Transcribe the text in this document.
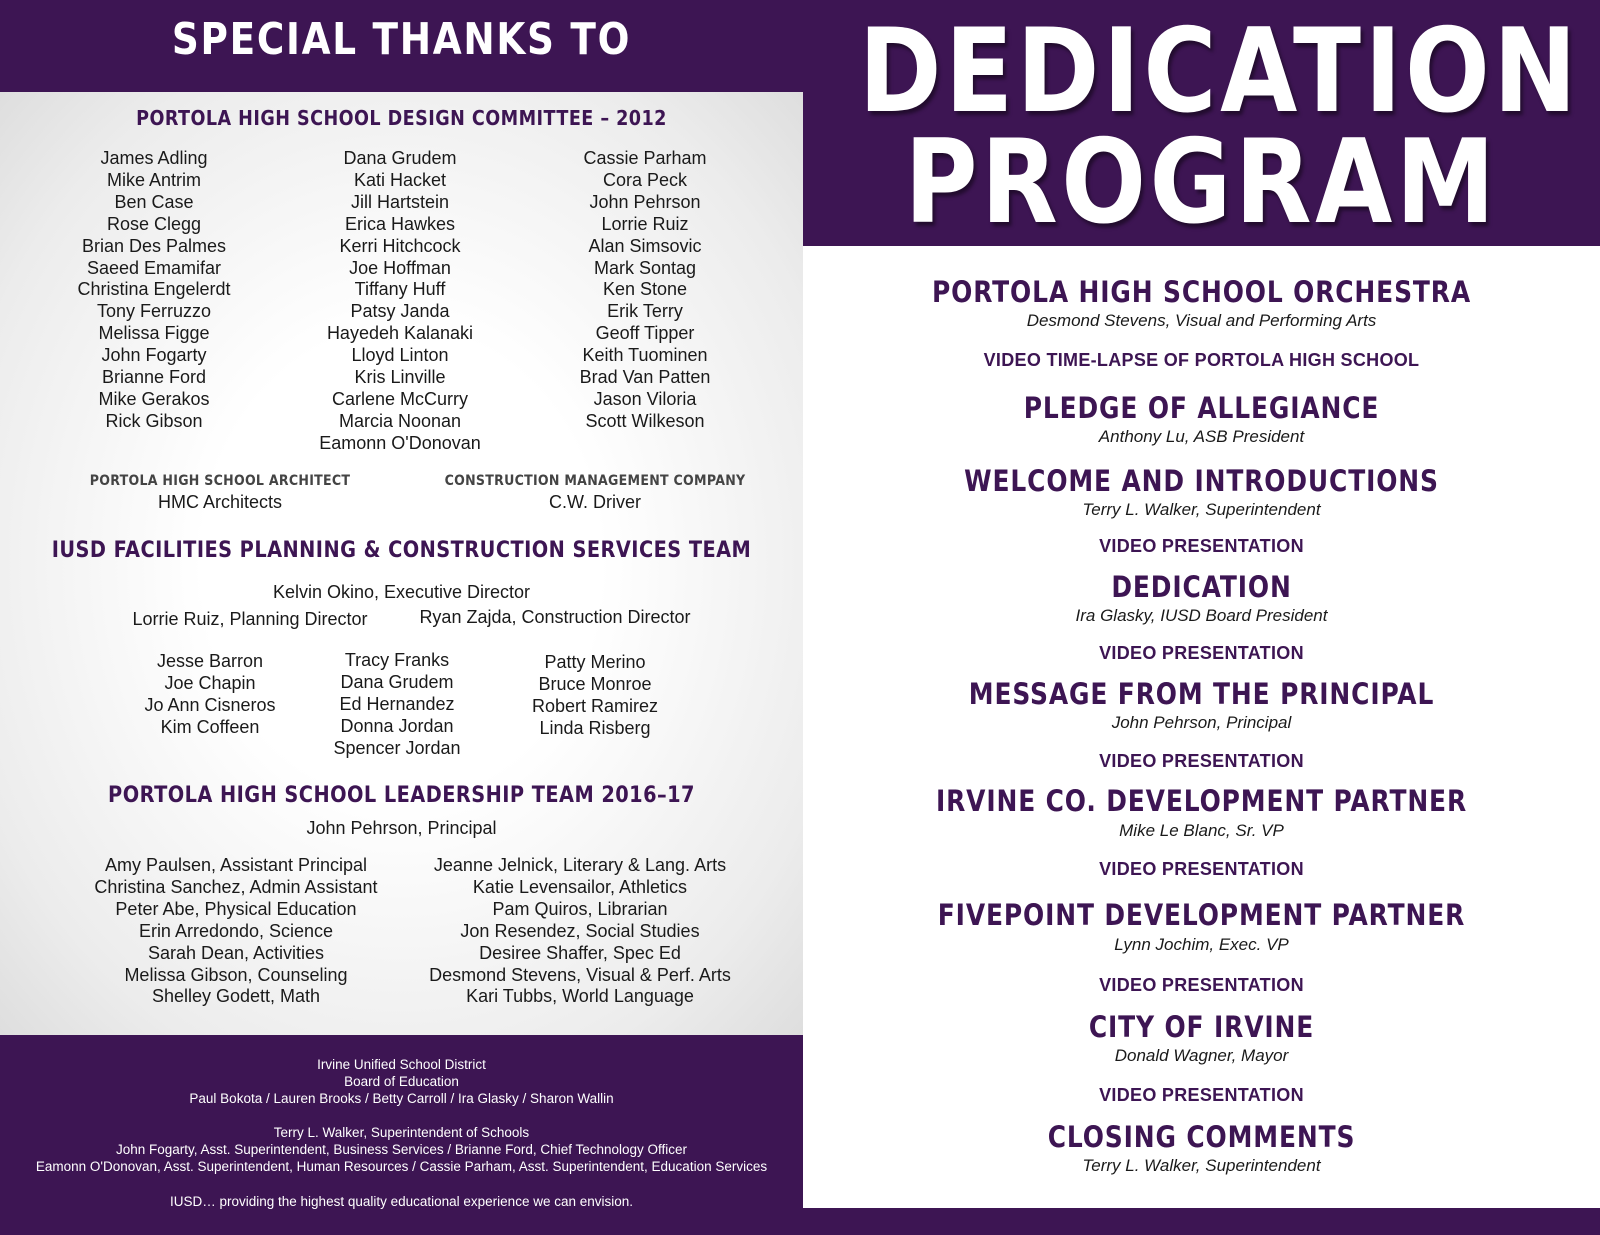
SPECIAL THANKS TO
PORTOLA HIGH SCHOOL DESIGN COMMITTEE – 2012
James Adling
Mike Antrim
Ben Case
Rose Clegg
Brian Des Palmes
Saeed Emamifar
Christina Engelerdt
Tony Ferruzzo
Melissa Figge
John Fogarty
Brianne Ford
Mike Gerakos
Rick Gibson
Dana Grudem
Kati Hacket
Jill Hartstein
Erica Hawkes
Kerri Hitchcock
Joe Hoffman
Tiffany Huff
Patsy Janda
Hayedeh Kalanaki
Lloyd Linton
Kris Linville
Carlene McCurry
Marcia Noonan
Eamonn O'Donovan
Cassie Parham
Cora Peck
John Pehrson
Lorrie Ruiz
Alan Simsovic
Mark Sontag
Ken Stone
Erik Terry
Geoff Tipper
Keith Tuominen
Brad Van Patten
Jason Viloria
Scott Wilkeson
PORTOLA HIGH SCHOOL ARCHITECT
HMC Architects
CONSTRUCTION MANAGEMENT COMPANY
C.W. Driver
IUSD FACILITIES PLANNING & CONSTRUCTION SERVICES TEAM
Kelvin Okino, Executive Director
Lorrie Ruiz, Planning Director	Ryan Zajda, Construction Director
Jesse Barron
Joe Chapin
Jo Ann Cisneros
Kim Coffeen
Tracy Franks
Dana Grudem
Ed Hernandez
Donna Jordan
Spencer Jordan
Patty Merino
Bruce Monroe
Robert Ramirez
Linda Risberg
PORTOLA HIGH SCHOOL LEADERSHIP TEAM 2016–17
John Pehrson, Principal
Amy Paulsen, Assistant Principal
Christina Sanchez, Admin Assistant
Peter Abe, Physical Education
Erin Arredondo, Science
Sarah Dean, Activities
Melissa Gibson, Counseling
Shelley Godett, Math
Jeanne Jelnick, Literary & Lang. Arts
Katie Levensailor, Athletics
Pam Quiros, Librarian
Jon Resendez, Social Studies
Desiree Shaffer, Spec Ed
Desmond Stevens, Visual & Perf. Arts
Kari Tubbs, World Language
Irvine Unified School District
Board of Education
Paul Bokota / Lauren Brooks / Betty Carroll / Ira Glasky / Sharon Wallin
Terry L. Walker, Superintendent of Schools
John Fogarty, Asst. Superintendent, Business Services / Brianne Ford, Chief Technology Officer
Eamonn O'Donovan, Asst. Superintendent, Human Resources / Cassie Parham, Asst. Superintendent, Education Services
IUSD… providing the highest quality educational experience we can envision.
DEDICATION
PROGRAM
PORTOLA HIGH SCHOOL ORCHESTRA
Desmond Stevens, Visual and Performing Arts
VIDEO TIME-LAPSE OF PORTOLA HIGH SCHOOL
PLEDGE OF ALLEGIANCE
Anthony Lu, ASB President
WELCOME AND INTRODUCTIONS
Terry L. Walker, Superintendent
VIDEO PRESENTATION
DEDICATION
Ira Glasky, IUSD Board President
VIDEO PRESENTATION
MESSAGE FROM THE PRINCIPAL
John Pehrson, Principal
VIDEO PRESENTATION
IRVINE CO. DEVELOPMENT PARTNER
Mike Le Blanc, Sr. VP
VIDEO PRESENTATION
FIVEPOINT DEVELOPMENT PARTNER
Lynn Jochim, Exec. VP
VIDEO PRESENTATION
CITY OF IRVINE
Donald Wagner, Mayor
VIDEO PRESENTATION
CLOSING COMMENTS
Terry L. Walker, Superintendent
